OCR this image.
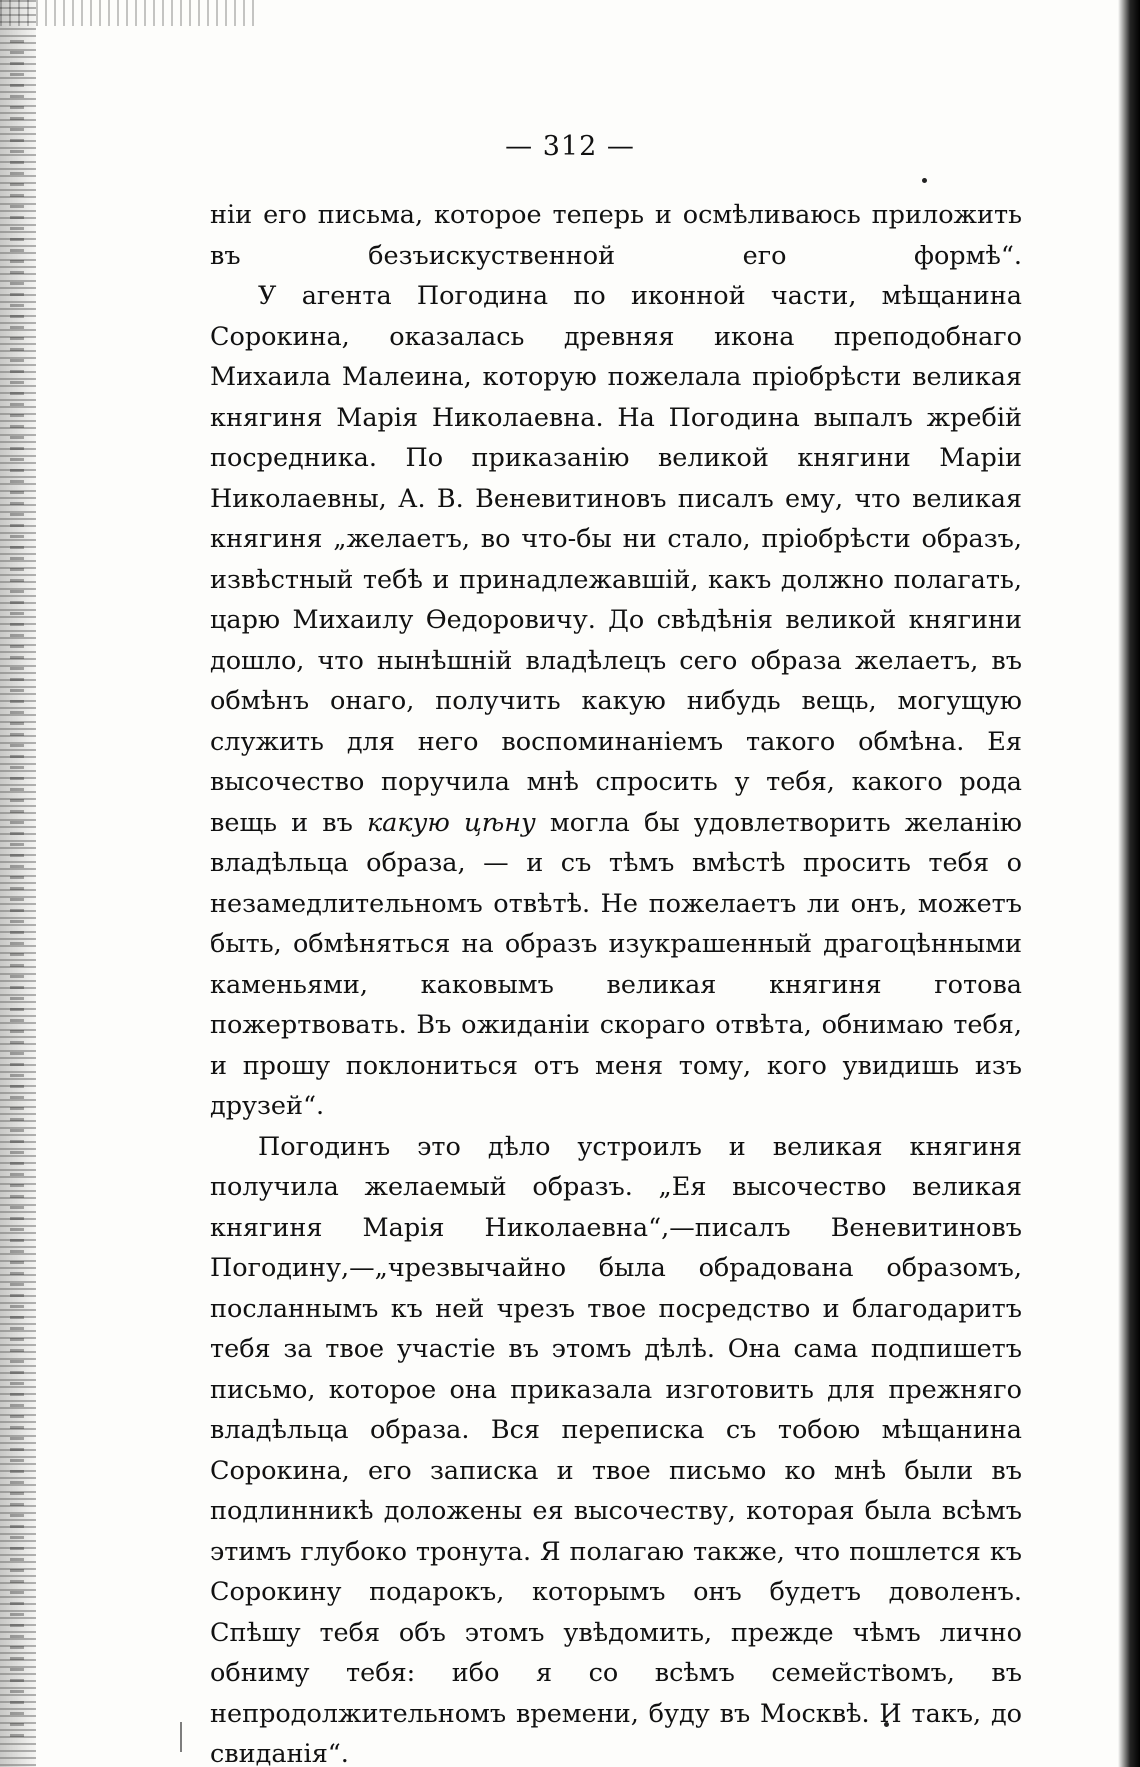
— 312 —

ніи его письма, которое теперь и осмѣливаюсь приложить въ безъискуственной его формѣ“.

У агента Погодина по иконной части, мѣщанина Сорокина, оказалась древняя икона преподобнаго Михаила Малеина, которую пожелала пріобрѣсти великая княгиня Марія Николаевна. На Погодина выпалъ жребій посредника. По приказанію великой княгини Маріи Николаевны, А. В. Веневитиновъ писалъ ему, что великая княгиня „желаетъ, во что-бы ни стало, пріобрѣсти образъ, извѣстный тебѣ и принадлежавшій, какъ должно полагать, царю Михаилу Ѳедоровичу. До свѣдѣнія великой княгини дошло, что нынѣшній владѣлецъ сего образа желаетъ, въ обмѣнъ онаго, получить какую нибудь вещь, могущую служить для него воспоминаніемъ такого обмѣна. Ея высочество поручила мнѣ спросить у тебя, какого рода вещь и въ какую цѣну могла бы удовлетворить желанію владѣльца образа, — и съ тѣмъ вмѣстѣ просить тебя о незамедлительномъ отвѣтѣ. Не пожелаетъ ли онъ, можетъ быть, обмѣняться на образъ изукрашенный драгоцѣнными каменьями, каковымъ великая княгиня готова пожертвовать. Въ ожиданіи скораго отвѣта, обнимаю тебя, и прошу поклониться отъ меня тому, кого увидишь изъ друзей“.

Погодинъ это дѣло устроилъ и великая княгиня получила желаемый образъ. „Ея высочество великая княгиня Марія Николаевна“,—писалъ Веневитиновъ Погодину,—„чрезвычайно была обрадована образомъ, посланнымъ къ ней чрезъ твое посредство и благодаритъ тебя за твое участіе въ этомъ дѣлѣ. Она сама подпишетъ письмо, которое она приказала изготовить для прежняго владѣльца образа. Вся переписка съ тобою мѣщанина Сорокина, его записка и твое письмо ко мнѣ были въ подлинникѣ доложены ея высочеству, которая была всѣмъ этимъ глубоко тронута. Я полагаю также, что пошлется къ Сорокину подарокъ, которымъ онъ будетъ доволенъ. Спѣшу тебя объ этомъ увѣдомить, прежде чѣмъ лично обниму тебя: ибо я со всѣмъ семействомъ, въ непродолжительномъ времени, буду въ Москвѣ. И такъ, до свиданія“.
